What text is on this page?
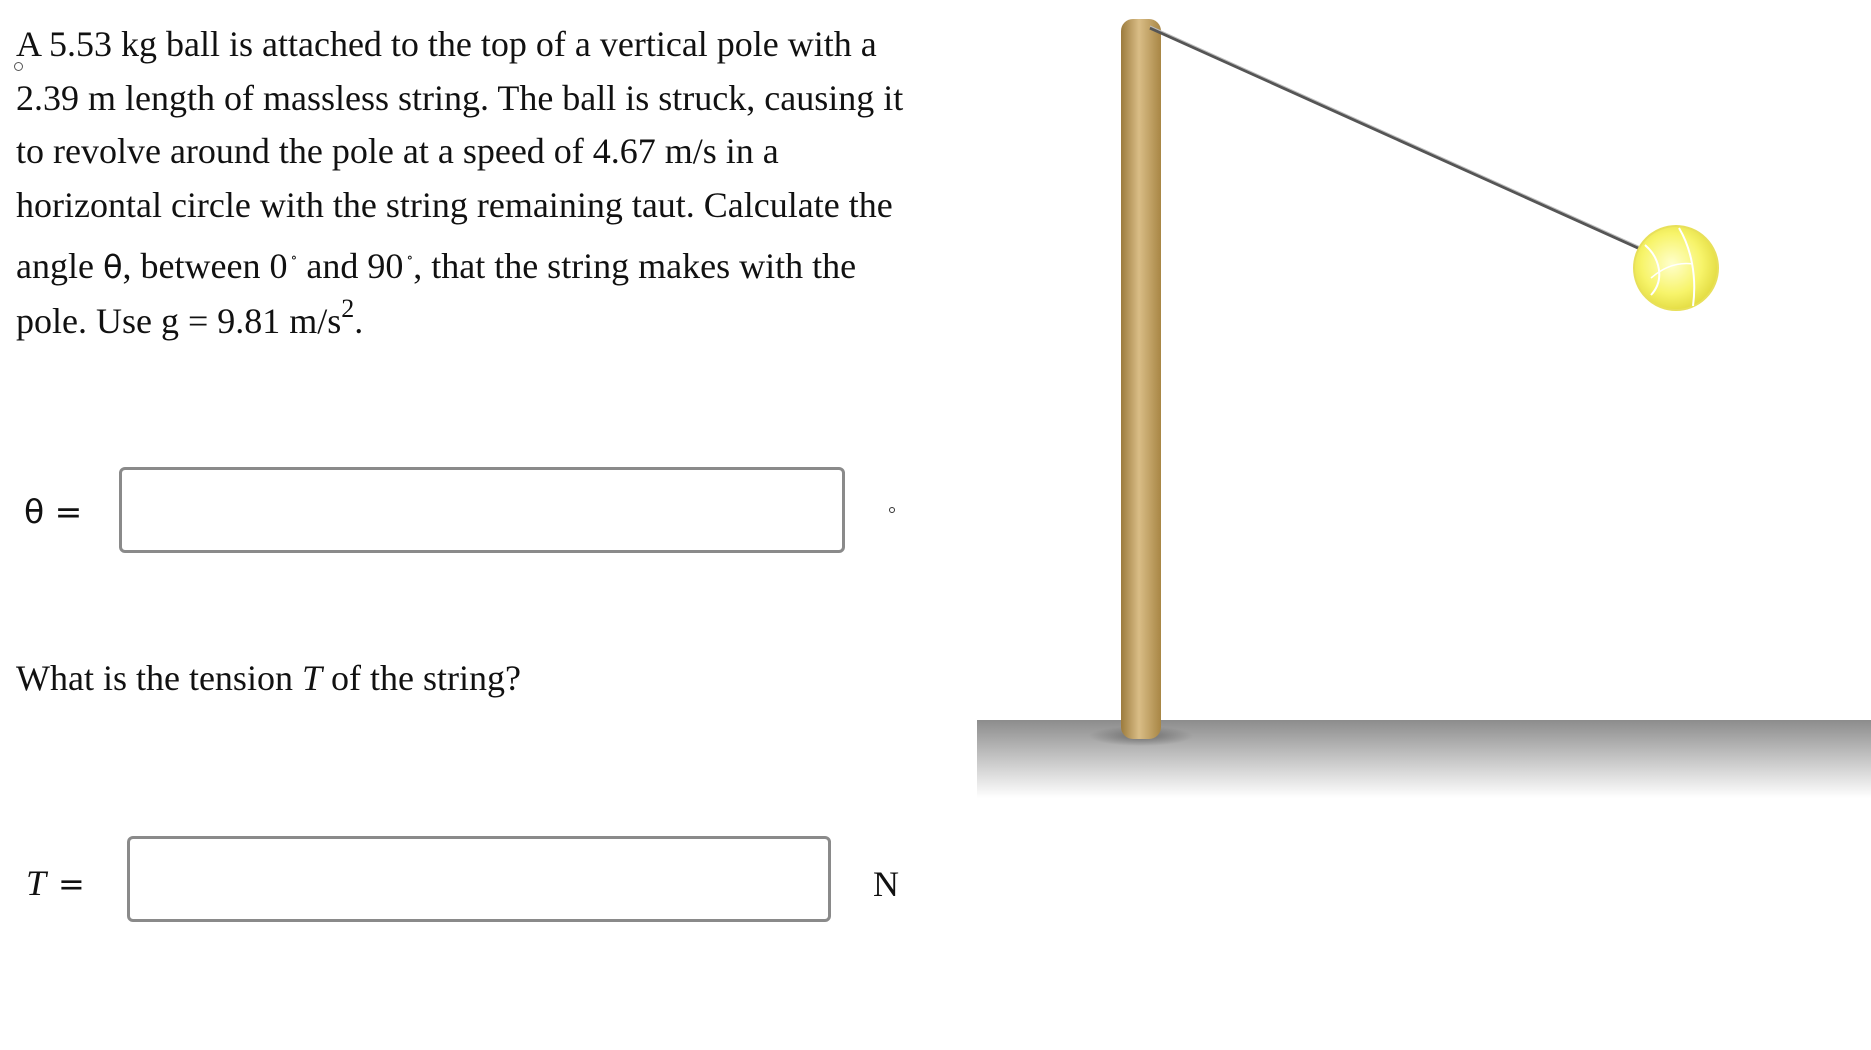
A 5.53 kg ball is attached to the top of a vertical pole with a

2.39 m length of massless string. The ball is struck, causing it

to revolve around the pole at a speed of 4.67 m/s in a

horizontal circle with the string remaining taut. Calculate the

angle θ, between 0 ∘ and 90 ∘, that the string makes with the

pole. Use g = 9.81 $m/s^2$.

θ =
What is the tension T of the string?
T =	N
